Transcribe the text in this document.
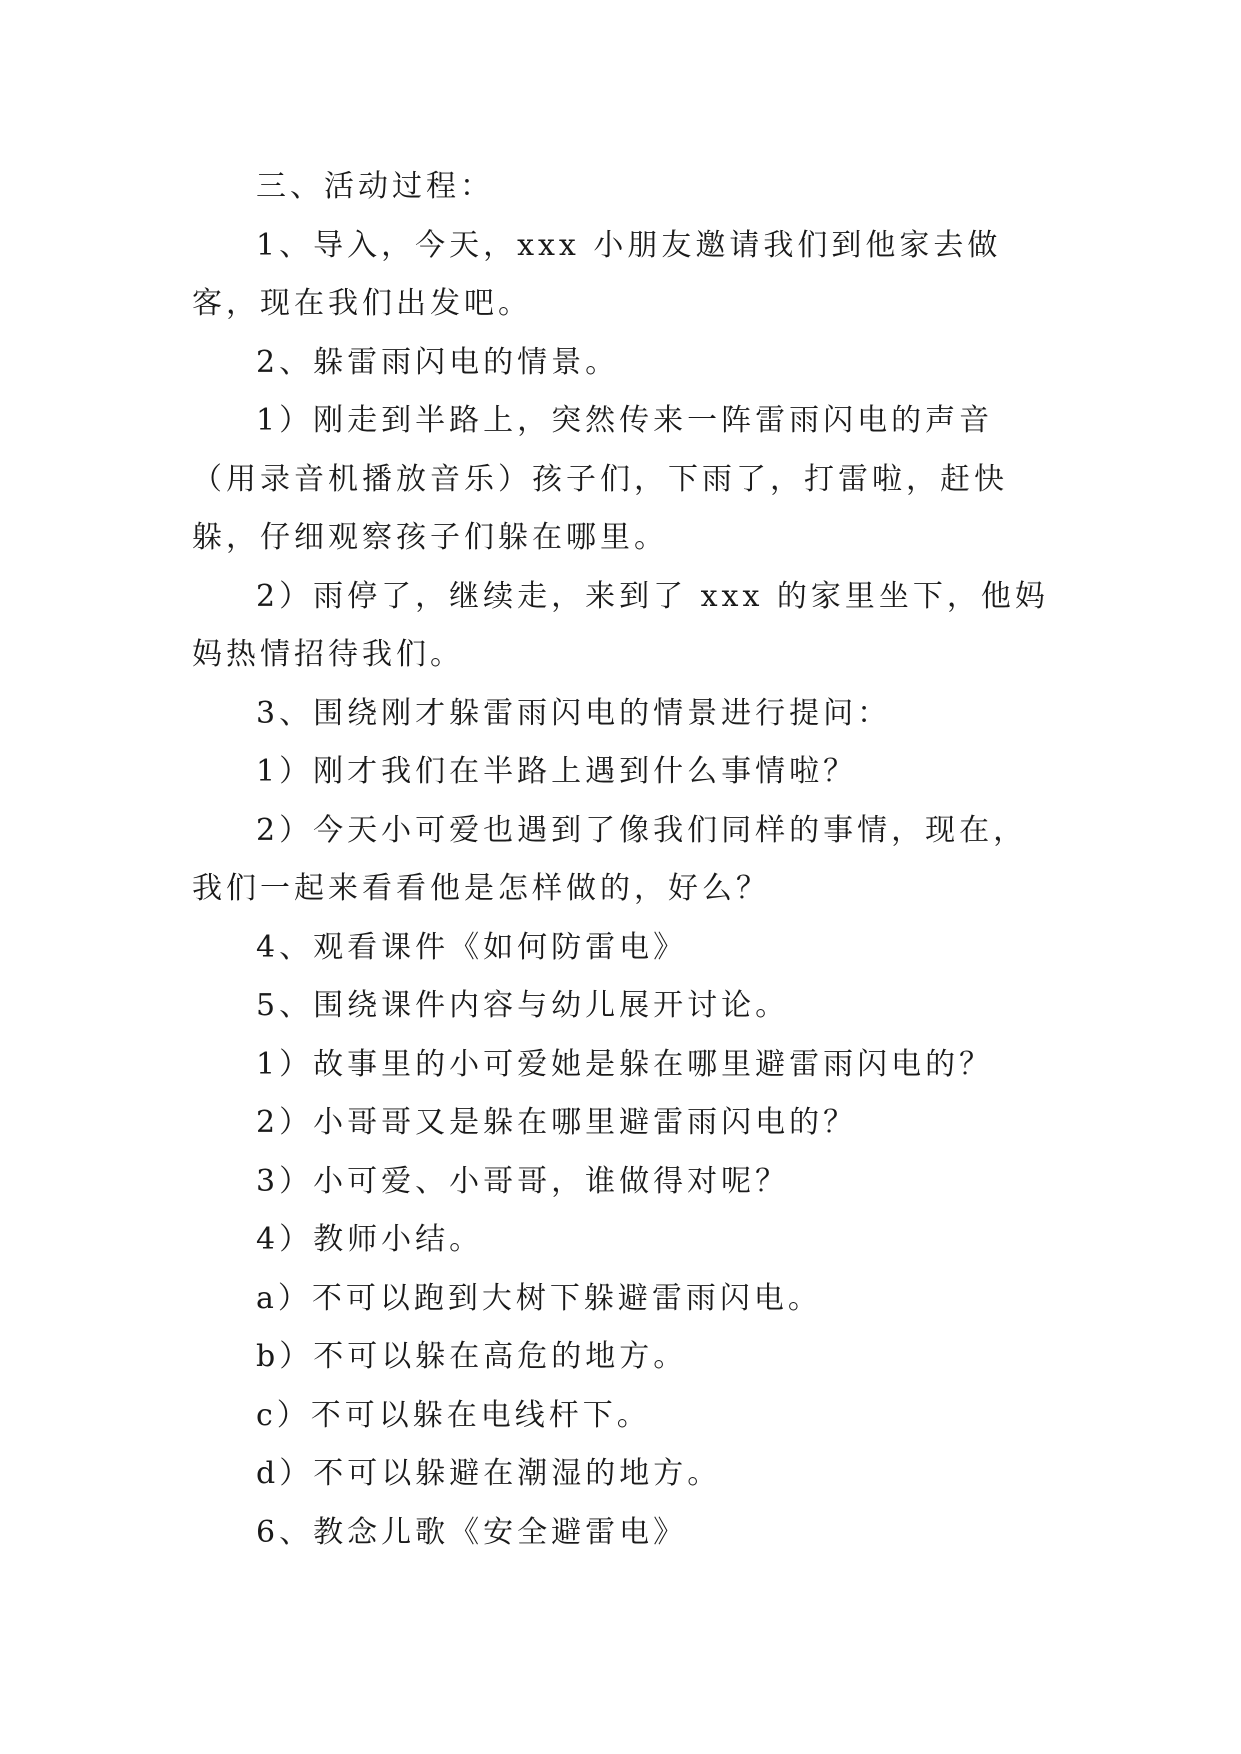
三、活动过程：

1、导入，今天，xxx 小朋友邀请我们到他家去做客，现在我们出发吧。

2、躲雷雨闪电的情景。

1）刚走到半路上，突然传来一阵雷雨闪电的声音（用录音机播放音乐）孩子们，下雨了，打雷啦，赶快躲，仔细观察孩子们躲在哪里。

2）雨停了，继续走，来到了 xxx 的家里坐下，他妈妈热情招待我们。

3、围绕刚才躲雷雨闪电的情景进行提问：

1）刚才我们在半路上遇到什么事情啦？

2）今天小可爱也遇到了像我们同样的事情，现在，我们一起来看看他是怎样做的，好么？

4、观看课件《如何防雷电》

5、围绕课件内容与幼儿展开讨论。

1）故事里的小可爱她是躲在哪里避雷雨闪电的？

2）小哥哥又是躲在哪里避雷雨闪电的？

3）小可爱、小哥哥，谁做得对呢？

4）教师小结。

a）不可以跑到大树下躲避雷雨闪电。

b）不可以躲在高危的地方。

c）不可以躲在电线杆下。

d）不可以躲避在潮湿的地方。

6、教念儿歌《安全避雷电》
